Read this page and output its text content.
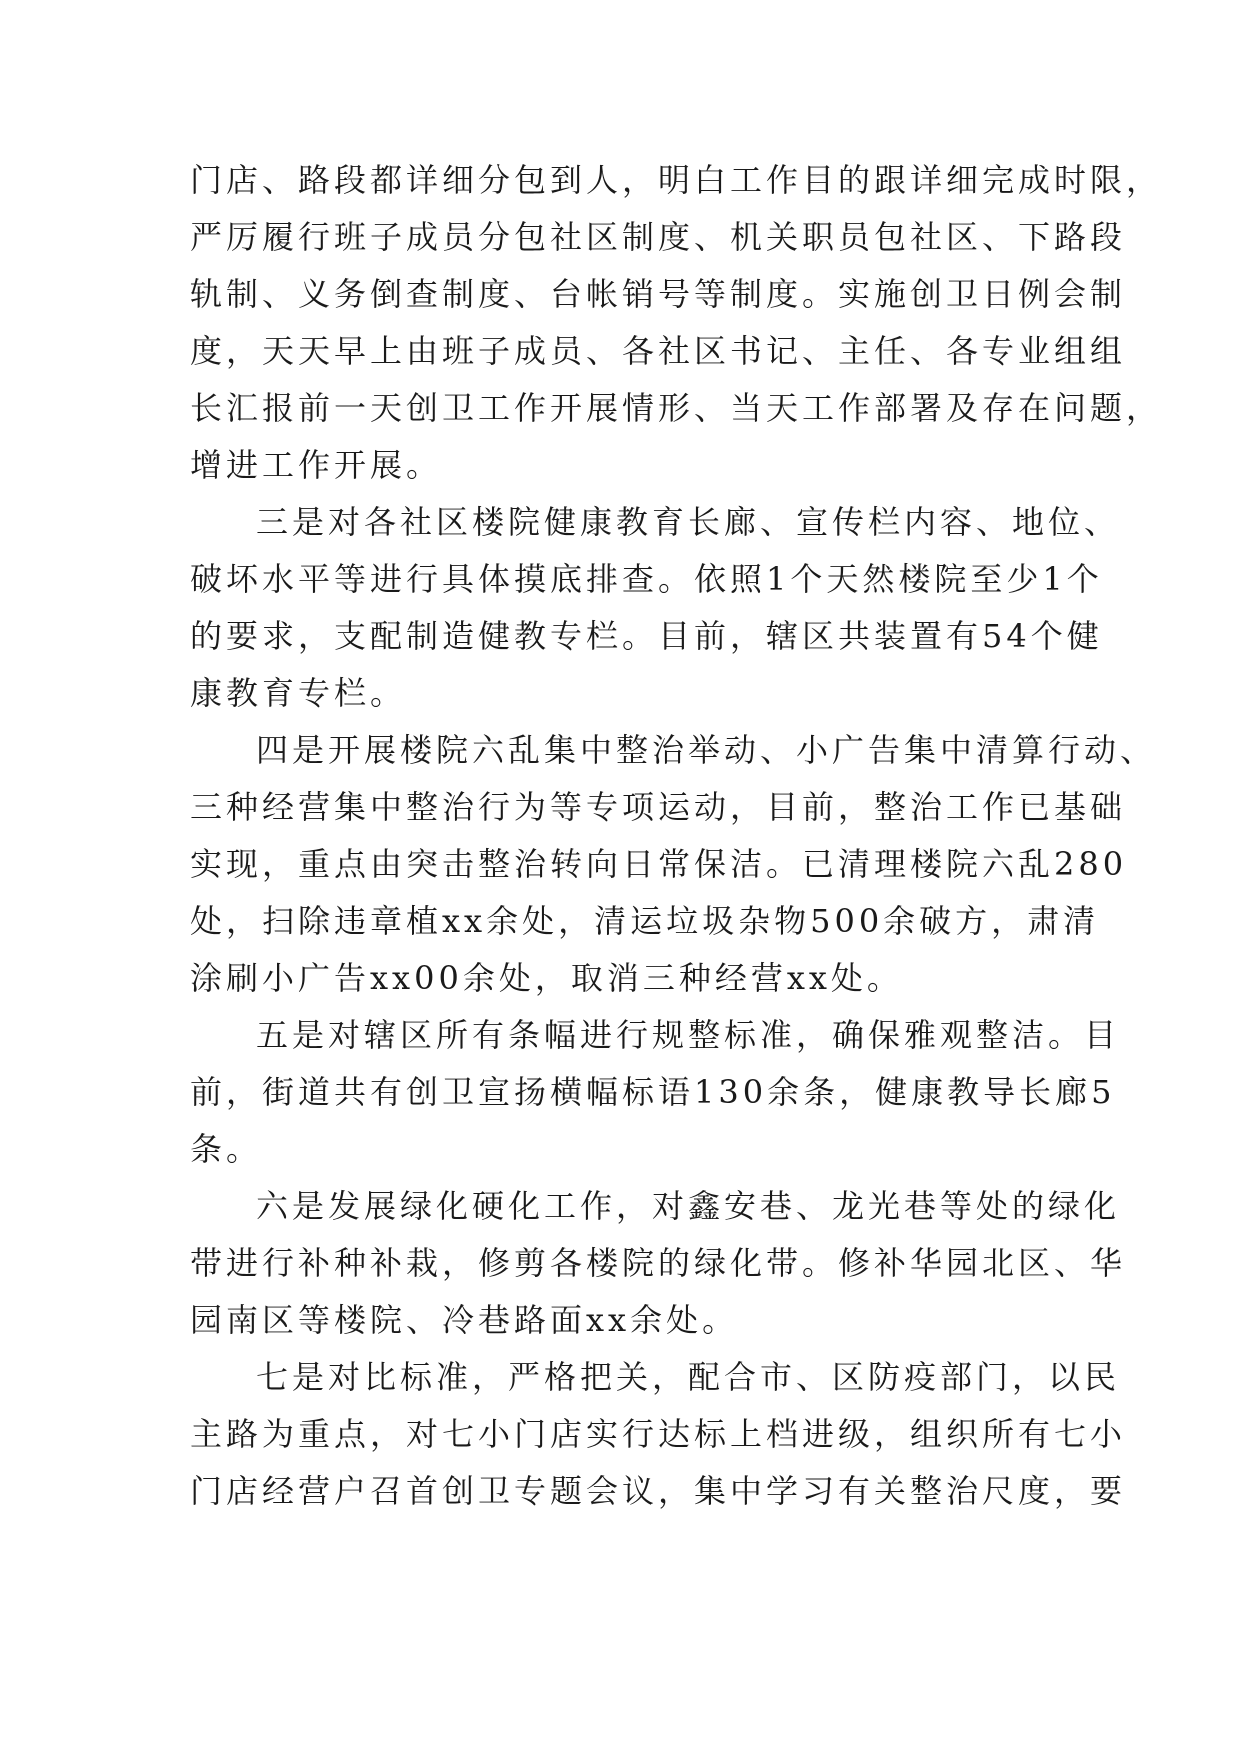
门店、路段都详细分包到人，明白工作目的跟详细完成时限，
严厉履行班子成员分包社区制度、机关职员包社区、下路段
轨制、义务倒查制度、台帐销号等制度。实施创卫日例会制
度，天天早上由班子成员、各社区书记、主任、各专业组组
长汇报前一天创卫工作开展情形、当天工作部署及存在问题，
增进工作开展。
三是对各社区楼院健康教育长廊、宣传栏内容、地位、
破坏水平等进行具体摸底排查。依照1个天然楼院至少1个
的要求，支配制造健教专栏。目前，辖区共装置有54个健
康教育专栏。
四是开展楼院六乱集中整治举动、小广告集中清算行动、
三种经营集中整治行为等专项运动，目前，整治工作已基础
实现，重点由突击整治转向日常保洁。已清理楼院六乱280
处，扫除违章植xx余处，清运垃圾杂物500余破方，肃清
涂刷小广告xx00余处，取消三种经营xx处。
五是对辖区所有条幅进行规整标准，确保雅观整洁。目
前，街道共有创卫宣扬横幅标语130余条，健康教导长廊5
条。
六是发展绿化硬化工作，对鑫安巷、龙光巷等处的绿化
带进行补种补栽，修剪各楼院的绿化带。修补华园北区、华
园南区等楼院、冷巷路面xx余处。
七是对比标准，严格把关，配合市、区防疫部门，以民
主路为重点，对七小门店实行达标上档进级，组织所有七小
门店经营户召首创卫专题会议，集中学习有关整治尺度，要
